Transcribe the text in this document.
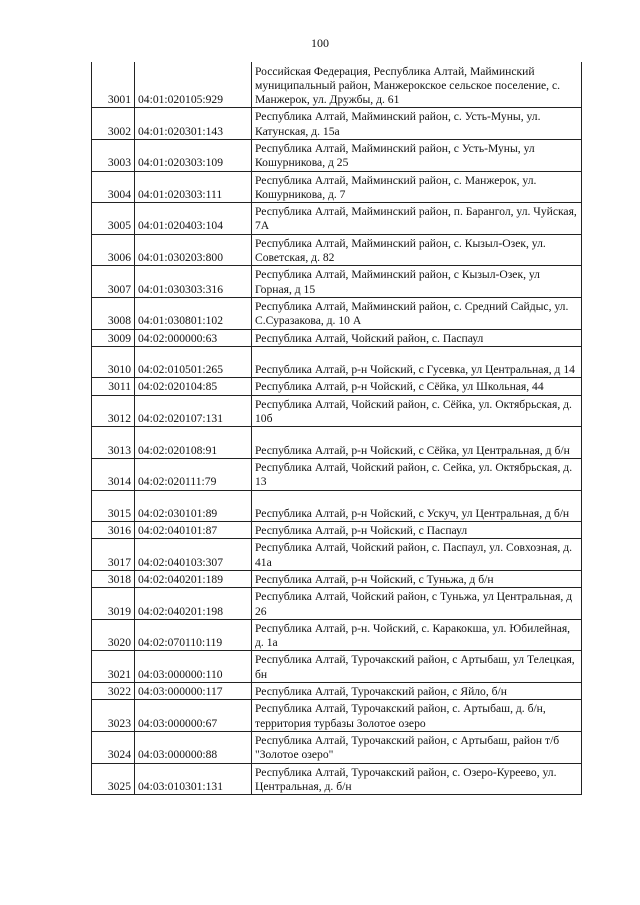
100
3001	04:01:020105:929	Российская Федерация, Республика Алтай, Майминский муниципальный район, Манжерокское сельское поселение, с. Манжерок, ул. Дружбы, д. 61
3002	04:01:020301:143	Республика Алтай, Майминский район, с. Усть-Муны, ул. Катунская, д. 15а
3003	04:01:020303:109	Республика Алтай, Майминский район, с Усть-Муны, ул Кошурникова, д 25
3004	04:01:020303:111	Республика Алтай, Майминский район, с. Манжерок, ул. Кошурникова, д. 7
3005	04:01:020403:104	Республика Алтай, Майминский район, п. Барангол, ул. Чуйская, 7А
3006	04:01:030203:800	Республика Алтай, Майминский район, с. Кызыл-Озек, ул. Советская, д. 82
3007	04:01:030303:316	Республика Алтай, Майминский район, с Кызыл-Озек, ул Горная, д 15
3008	04:01:030801:102	Республика Алтай, Майминский район, с. Средний Сайдыс, ул. С.Суразакова, д. 10 А
3009	04:02:000000:63	Республика Алтай, Чойский район, с. Паспаул
3010	04:02:010501:265	Республика Алтай, р-н Чойский, с Гусевка, ул Центральная, д 14
3011	04:02:020104:85	Республика Алтай, р-н Чойский, с Сёйка, ул Школьная, 44
3012	04:02:020107:131	Республика Алтай, Чойский район, с. Сёйка, ул. Октябрьская, д. 10б
3013	04:02:020108:91	Республика Алтай, р-н Чойский, с Сёйка, ул Центральная, д б/н
3014	04:02:020111:79	Республика Алтай, Чойский район, с. Сейка, ул. Октябрьская, д. 13
3015	04:02:030101:89	Республика Алтай, р-н Чойский, с Ускуч, ул Центральная, д б/н
3016	04:02:040101:87	Республика Алтай, р-н Чойский, с Паспаул
3017	04:02:040103:307	Республика Алтай, Чойский район, с. Паспаул, ул. Совхозная, д. 41а
3018	04:02:040201:189	Республика Алтай, р-н Чойский, с Туньжа, д б/н
3019	04:02:040201:198	Республика Алтай, Чойский район, с Туньжа, ул Центральная, д 26
3020	04:02:070110:119	Республика Алтай, р-н. Чойский, с. Каракокша, ул. Юбилейная, д. 1а
3021	04:03:000000:110	Республика Алтай, Турочакский район, с Артыбаш, ул Телецкая, бн
3022	04:03:000000:117	Республика Алтай, Турочакский район, с Яйло, б/н
3023	04:03:000000:67	Республика Алтай, Турочакский район, с. Артыбаш, д. б/н, территория турбазы Золотое озеро
3024	04:03:000000:88	Республика Алтай, Турочакский район, с Артыбаш, район т/б "Золотое озеро"
3025	04:03:010301:131	Республика Алтай, Турочакский район, с. Озеро-Куреево, ул. Центральная, д. б/н
